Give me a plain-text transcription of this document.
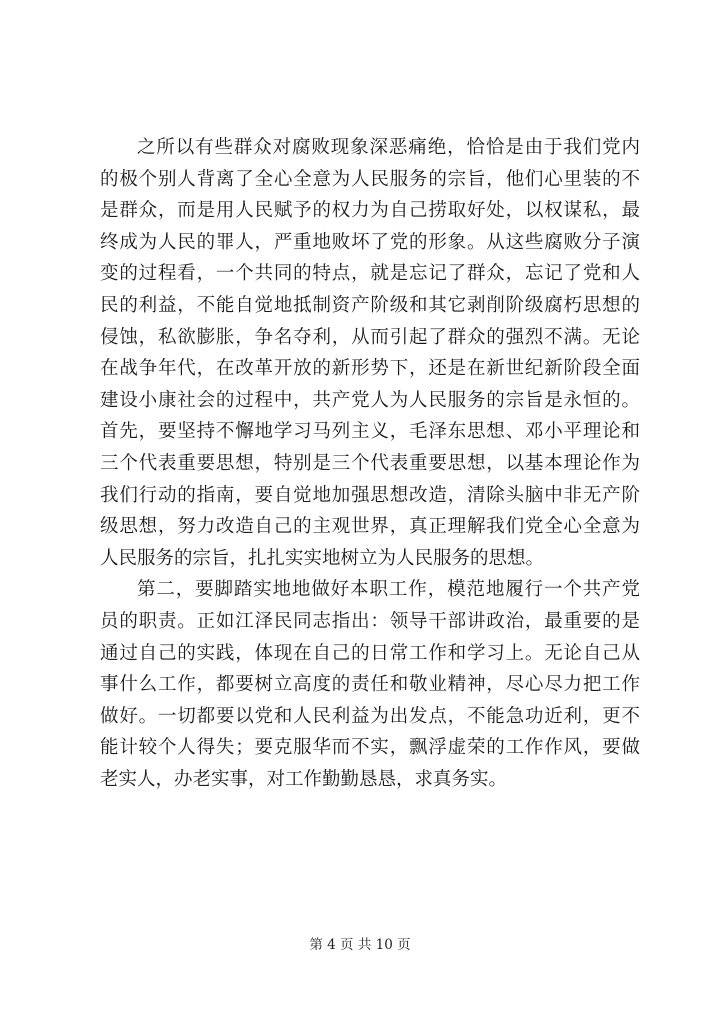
之所以有些群众对腐败现象深恶痛绝，恰恰是由于我们党内
的极个别人背离了全心全意为人民服务的宗旨，他们心里装的不
是群众，而是用人民赋予的权力为自己捞取好处，以权谋私，最
终成为人民的罪人，严重地败坏了党的形象。从这些腐败分子演
变的过程看，一个共同的特点，就是忘记了群众，忘记了党和人
民的利益，不能自觉地抵制资产阶级和其它剥削阶级腐朽思想的
侵蚀，私欲膨胀，争名夺利，从而引起了群众的强烈不满。无论
在战争年代，在改革开放的新形势下，还是在新世纪新阶段全面
建设小康社会的过程中，共产党人为人民服务的宗旨是永恒的。
首先，要坚持不懈地学习马列主义，毛泽东思想、邓小平理论和
三个代表重要思想，特别是三个代表重要思想，以基本理论作为
我们行动的指南，要自觉地加强思想改造，清除头脑中非无产阶
级思想，努力改造自己的主观世界，真正理解我们党全心全意为
人民服务的宗旨，扎扎实实地树立为人民服务的思想。
第二，要脚踏实地地做好本职工作，模范地履行一个共产党
员的职责。正如江泽民同志指出：领导干部讲政治，最重要的是
通过自己的实践，体现在自己的日常工作和学习上。无论自己从
事什么工作，都要树立高度的责任和敬业精神，尽心尽力把工作
做好。一切都要以党和人民利益为出发点，不能急功近利，更不
能计较个人得失；要克服华而不实，飘浮虚荣的工作作风，要做
老实人，办老实事，对工作勤勤恳恳，求真务实。
第 4 页 共 10 页
